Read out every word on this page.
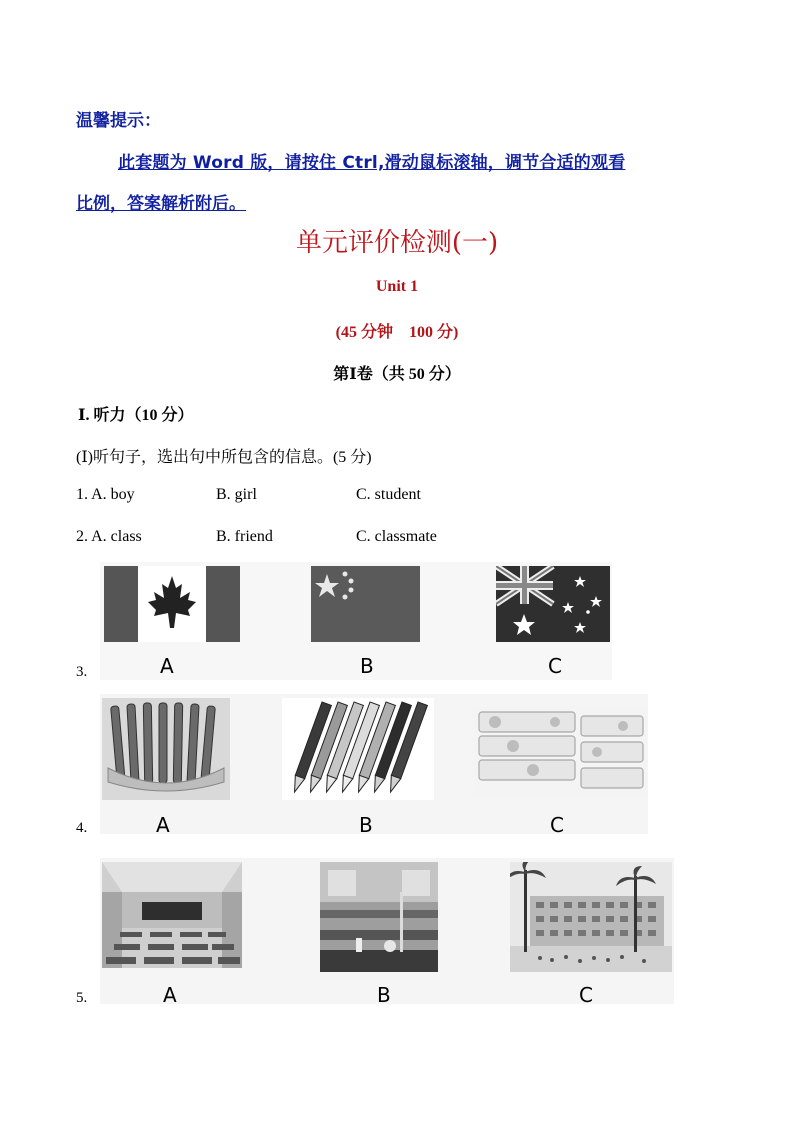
温馨提示：
此套题为 Word 版，请按住 Ctrl,滑动鼠标滚轴，调节合适的观看
比例，答案解析附后。
单元评价检测(一)
Unit 1
(45 分钟    100 分)
第Ⅰ卷（共 50 分）
Ⅰ. 听力（10 分）
(Ⅰ)听句子，选出句中所包含的信息。(5 分)
1. A. boy	B. girl	C. student
2. A. class	B. friend	C. classmate
3.	A	B	C
4.	A	B	C
5.	A	B	C
